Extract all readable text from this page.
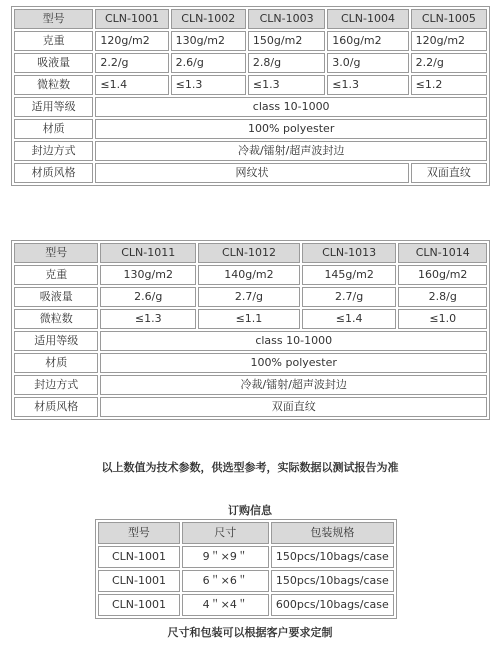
型号	CLN-1001	CLN-1002	CLN-1003	CLN-1004	CLN-1005
克重	120g/m2	130g/m2	150g/m2	160g/m2	120g/m2
吸液量	2.2/g	2.6/g	2.8/g	3.0/g	2.2/g
微粒数	≤1.4	≤1.3	≤1.3	≤1.3	≤1.2
适用等级	class 10-1000				
材质	100% polyester				
封边方式	冷裁/镭射/超声波封边				
材质风格	网纹状				双面直纹
型号	CLN-1011	CLN-1012	CLN-1013	CLN-1014
克重	130g/m2	140g/m2	145g/m2	160g/m2
吸液量	2.6/g	2.7/g	2.7/g	2.8/g
微粒数	≤1.3	≤1.1	≤1.4	≤1.0
适用等级	class 10-1000			
材质	100% polyester			
封边方式	冷裁/镭射/超声波封边			
材质风格	双面直纹			
以上数值为技术参数，供选型参考，实际数据以测试报告为准
订购信息
型号	尺寸	包装规格
CLN-1001	9＂×9＂	150pcs/10bags/case
CLN-1001	6＂×6＂	150pcs/10bags/case
CLN-1001	4＂×4＂	600pcs/10bags/case
尺寸和包装可以根据客户要求定制
